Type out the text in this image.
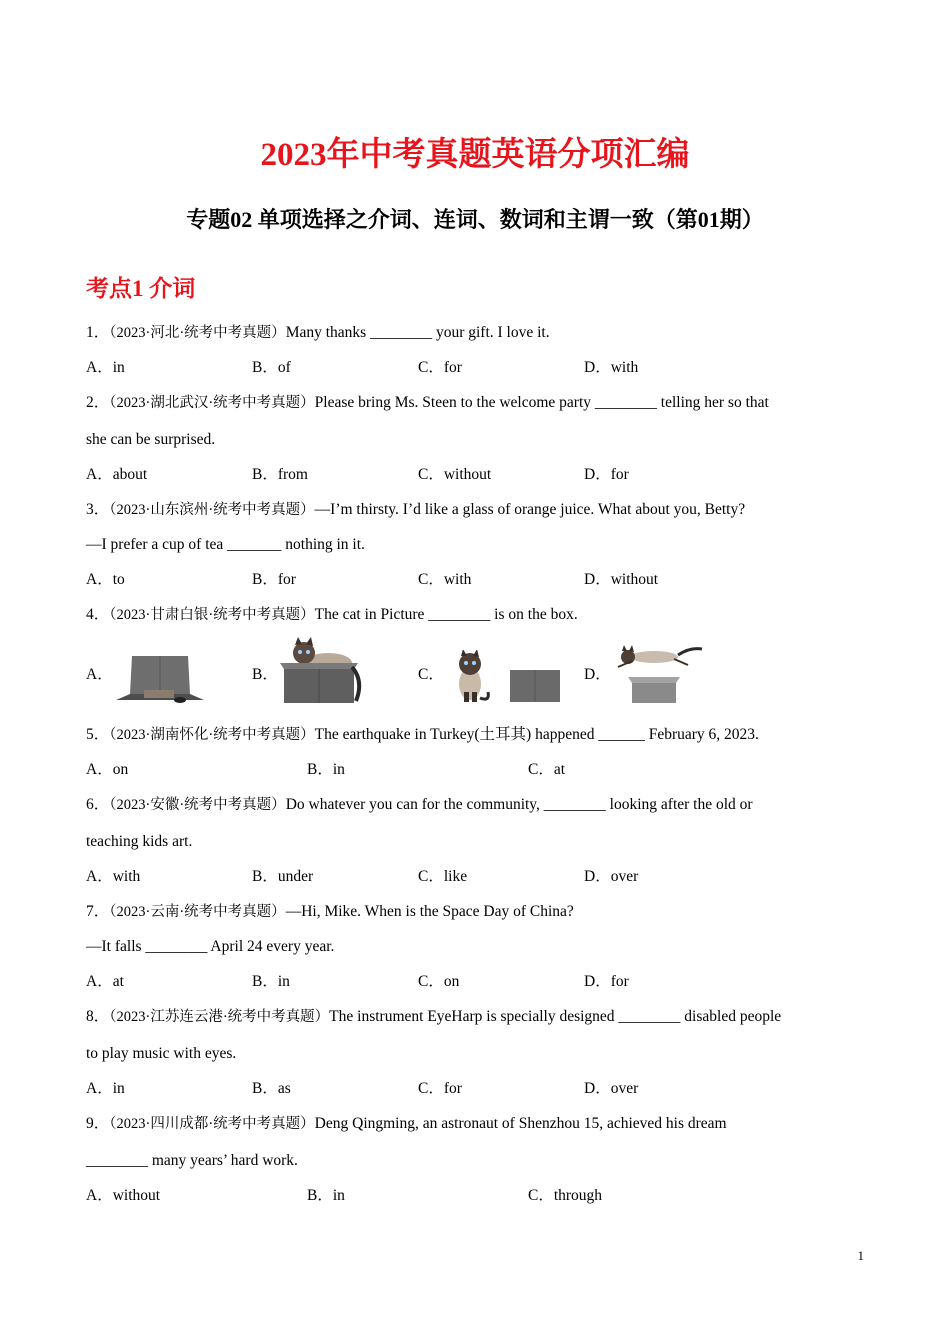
2023年中考真题英语分项汇编
专题02 单项选择之介词、连词、数词和主谓一致（第01期）
考点1 介词
1．（2023·河北·统考中考真题）Many thanks ________ your gift. I love it.
A．in	B．of	C．for	D．with
2．（2023·湖北武汉·统考中考真题）Please bring Ms. Steen to the welcome party ________ telling her so that
she can be surprised.
A．about	B．from	C．without	D．for
3．（2023·山东滨州·统考中考真题）—I’m thirsty. I’d like a glass of orange juice. What about you, Betty?
—I prefer a cup of tea _______ nothing in it.
A．to	B．for	C．with	D．without
4．（2023·甘肃白银·统考中考真题）The cat in Picture ________ is on the box.
A．	B．	C．	D．
5．（2023·湖南怀化·统考中考真题）The earthquake in Turkey(土耳其) happened ______ February 6, 2023.
A．on	B．in	C．at
6．（2023·安徽·统考中考真题）Do whatever you can for the community, ________ looking after the old or
teaching kids art.
A．with	B．under	C．like	D．over
7．（2023·云南·统考中考真题）—Hi, Mike. When is the Space Day of China?
—It falls ________ April 24 every year.
A．at	B．in	C．on	D．for
8．（2023·江苏连云港·统考中考真题）The instrument EyeHarp is specially designed ________ disabled people
to play music with eyes.
A．in	B．as	C．for	D．over
9．（2023·四川成都·统考中考真题）Deng Qingming, an astronaut of Shenzhou 15, achieved his dream
________ many years’ hard work.
A．without	B．in	C．through
1
